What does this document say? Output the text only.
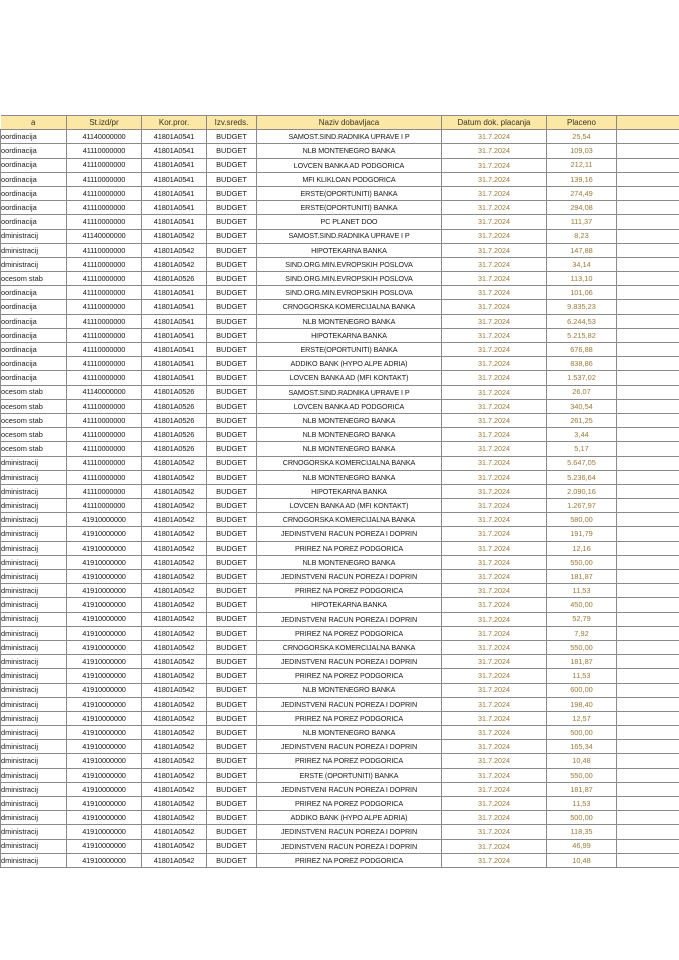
a	St.izd/pr	Kor.pror.	Izv.sreds.	Naziv dobavljaca	Datum dok. placanja	Placeno	
oordinacija	41140000000	41801A0541	BUDGET	SAMOST.SIND.RADNIKA UPRAVE I P	31.7.2024	25,54	
oordinacija	41110000000	41801A0541	BUDGET	NLB MONTENEGRO BANKA	31.7.2024	109,03	
oordinacija	41110000000	41801A0541	BUDGET	LOVCEN BANKA AD PODGORICA	31.7.2024	212,11	
oordinacija	41110000000	41801A0541	BUDGET	MFI KLIKLOAN PODGORICA	31.7.2024	139,16	
oordinacija	41110000000	41801A0541	BUDGET	ERSTE(OPORTUNITI) BANKA	31.7.2024	274,49	
oordinacija	41110000000	41801A0541	BUDGET	ERSTE(OPORTUNITI) BANKA	31.7.2024	294,08	
oordinacija	41110000000	41801A0541	BUDGET	PC PLANET DOO	31.7.2024	111,37	
dministracij	41140000000	41801A0542	BUDGET	SAMOST.SIND.RADNIKA UPRAVE I P	31.7.2024	8,23	
dministracij	41110000000	41801A0542	BUDGET	HIPOTEKARNA BANKA	31.7.2024	147,88	
dministracij	41110000000	41801A0542	BUDGET	SIND.ORG.MIN.EVROPSKIH POSLOVA	31.7.2024	34,14	
ocesom stab	41110000000	41801A0526	BUDGET	SIND.ORG.MIN.EVROPSKIH POSLOVA	31.7.2024	113,10	
oordinacija	41110000000	41801A0541	BUDGET	SIND.ORG.MIN.EVROPSKIH POSLOVA	31.7.2024	101,06	
oordinacija	41110000000	41801A0541	BUDGET	CRNOGORSKA KOMERCIJALNA BANKA	31.7.2024	9.835,23	
oordinacija	41110000000	41801A0541	BUDGET	NLB MONTENEGRO BANKA	31.7.2024	6.244,53	
oordinacija	41110000000	41801A0541	BUDGET	HIPOTEKARNA BANKA	31.7.2024	5.215,82	
oordinacija	41110000000	41801A0541	BUDGET	ERSTE(OPORTUNITI) BANKA	31.7.2024	676,88	
oordinacija	41110000000	41801A0541	BUDGET	ADDIKO BANK (HYPO ALPE ADRIA)	31.7.2024	838,86	
oordinacija	41110000000	41801A0541	BUDGET	LOVCEN BANKA AD (MFI KONTAKT)	31.7.2024	1.537,02	
ocesom stab	41140000000	41801A0526	BUDGET	SAMOST.SIND.RADNIKA UPRAVE I P	31.7.2024	26,07	
ocesom stab	41110000000	41801A0526	BUDGET	LOVCEN BANKA AD PODGORICA	31.7.2024	340,54	
ocesom stab	41110000000	41801A0526	BUDGET	NLB MONTENEGRO BANKA	31.7.2024	261,25	
ocesom stab	41110000000	41801A0526	BUDGET	NLB MONTENEGRO BANKA	31.7.2024	3,44	
ocesom stab	41110000000	41801A0526	BUDGET	NLB MONTENEGRO BANKA	31.7.2024	5,17	
dministracij	41110000000	41801A0542	BUDGET	CRNOGORSKA KOMERCIJALNA BANKA	31.7.2024	5.647,05	
dministracij	41110000000	41801A0542	BUDGET	NLB MONTENEGRO BANKA	31.7.2024	5.236,64	
dministracij	41110000000	41801A0542	BUDGET	HIPOTEKARNA BANKA	31.7.2024	2.090,16	
dministracij	41110000000	41801A0542	BUDGET	LOVCEN BANKA AD (MFI KONTAKT)	31.7.2024	1.267,97	
dministracij	41910000000	41801A0542	BUDGET	CRNOGORSKA KOMERCIJALNA BANKA	31.7.2024	580,00	
dministracij	41910000000	41801A0542	BUDGET	JEDINSTVENI RACUN POREZA I DOPRIN	31.7.2024	191,79	
dministracij	41910000000	41801A0542	BUDGET	PRIREZ NA POREZ PODGORICA	31.7.2024	12,16	
dministracij	41910000000	41801A0542	BUDGET	NLB MONTENEGRO BANKA	31.7.2024	550,00	
dministracij	41910000000	41801A0542	BUDGET	JEDINSTVENI RACUN POREZA I DOPRIN	31.7.2024	181,87	
dministracij	41910000000	41801A0542	BUDGET	PRIREZ NA POREZ PODGORICA	31.7.2024	11,53	
dministracij	41910000000	41801A0542	BUDGET	HIPOTEKARNA BANKA	31.7.2024	450,00	
dministracij	41910000000	41801A0542	BUDGET	JEDINSTVENI RACUN POREZA I DOPRIN	31.7.2024	52,79	
dministracij	41910000000	41801A0542	BUDGET	PRIREZ NA POREZ PODGORICA	31.7.2024	7,92	
dministracij	41910000000	41801A0542	BUDGET	CRNOGORSKA KOMERCIJALNA BANKA	31.7.2024	550,00	
dministracij	41910000000	41801A0542	BUDGET	JEDINSTVENI RACUN POREZA I DOPRIN	31.7.2024	181,87	
dministracij	41910000000	41801A0542	BUDGET	PRIREZ NA POREZ PODGORICA	31.7.2024	11,53	
dministracij	41910000000	41801A0542	BUDGET	NLB MONTENEGRO BANKA	31.7.2024	600,00	
dministracij	41910000000	41801A0542	BUDGET	JEDINSTVENI RACUN POREZA I DOPRIN	31.7.2024	198,40	
dministracij	41910000000	41801A0542	BUDGET	PRIREZ NA POREZ PODGORICA	31.7.2024	12,57	
dministracij	41910000000	41801A0542	BUDGET	NLB MONTENEGRO BANKA	31.7.2024	500,00	
dministracij	41910000000	41801A0542	BUDGET	JEDINSTVENI RACUN POREZA I DOPRIN	31.7.2024	165,34	
dministracij	41910000000	41801A0542	BUDGET	PRIREZ NA POREZ PODGORICA	31.7.2024	10,48	
dministracij	41910000000	41801A0542	BUDGET	ERSTE (OPORTUNITI) BANKA	31.7.2024	550,00	
dministracij	41910000000	41801A0542	BUDGET	JEDINSTVENI RACUN POREZA I DOPRIN	31.7.2024	181,87	
dministracij	41910000000	41801A0542	BUDGET	PRIREZ NA POREZ PODGORICA	31.7.2024	11,53	
dministracij	41910000000	41801A0542	BUDGET	ADDIKO BANK (HYPO ALPE ADRIA)	31.7.2024	500,00	
dministracij	41910000000	41801A0542	BUDGET	JEDINSTVENI RACUN POREZA I DOPRIN	31.7.2024	118,35	
dministracij	41910000000	41801A0542	BUDGET	JEDINSTVENI RACUN POREZA I DOPRIN	31.7.2024	46,99	
dministracij	41910000000	41801A0542	BUDGET	PRIREZ NA POREZ PODGORICA	31.7.2024	10,48	
